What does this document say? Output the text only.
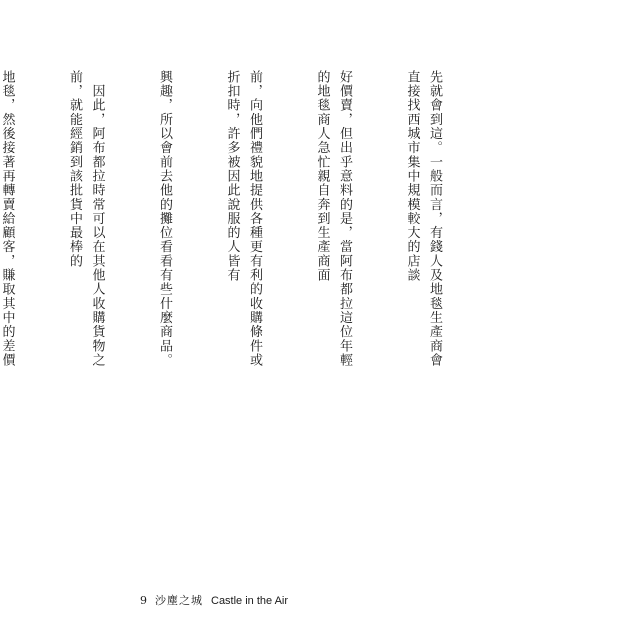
先就會到這。一般而言，有錢人及地毯生產商會直接找西城市集中規模較大的店談

好價賣，但出乎意料的是，當阿布都拉這位年輕的地毯商人急忙親自奔到生產商面

前，向他們禮貌地提供各種更有利的收購條件或折扣時，許多被因此說服的人皆有

興趣，所以會前去他的攤位看看有些什麼商品。

　因此，阿布都拉時常可以在其他人收購貨物之前，就能經銷到該批貨中最棒的

地毯，然後接著再轉賣給顧客，賺取其中的差價

9 沙塵之城 Castle in the Air
